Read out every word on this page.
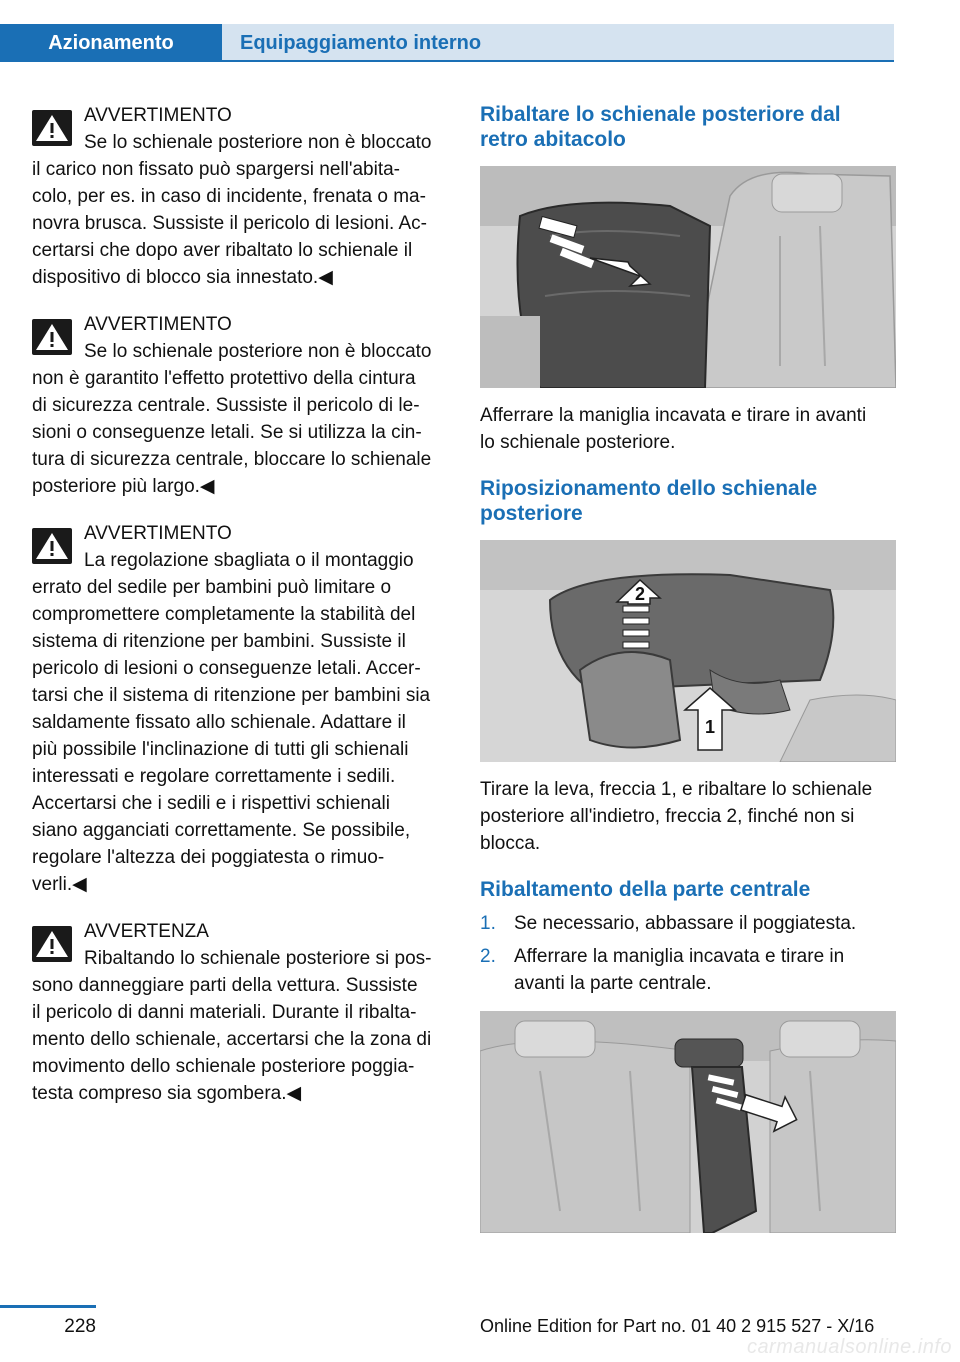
Azionamento	Equipaggiamento interno
AVVERTIMENTO

Se lo schienale posteriore non è bloccato
il carico non fissato può spargersi nell'abita‐
colo, per es. in caso di incidente, frenata o ma‐
novra brusca. Sussiste il pericolo di lesioni. Ac‐
certarsi che dopo aver ribaltato lo schienale il
dispositivo di blocco sia innestato.◀

AVVERTIMENTO

Se lo schienale posteriore non è bloccato
non è garantito l'effetto protettivo della cintura
di sicurezza centrale. Sussiste il pericolo di le‐
sioni o conseguenze letali. Se si utilizza la cin‐
tura di sicurezza centrale, bloccare lo schienale
posteriore più largo.◀

AVVERTIMENTO

La regolazione sbagliata o il montaggio
errato del sedile per bambini può limitare o
compromettere completamente la stabilità del
sistema di ritenzione per bambini. Sussiste il
pericolo di lesioni o conseguenze letali. Accer‐
tarsi che il sistema di ritenzione per bambini sia
saldamente fissato allo schienale. Adattare il
più possibile l'inclinazione di tutti gli schienali
interessati e regolare correttamente i sedili.
Accertarsi che i sedili e i rispettivi schienali
siano agganciati correttamente. Se possibile,
regolare l'altezza dei poggiatesta o rimuo‐
verli.◀

AVVERTENZA

Ribaltando lo schienale posteriore si pos‐
sono danneggiare parti della vettura. Sussiste
il pericolo di danni materiali. Durante il ribalta‐
mento dello schienale, accertarsi che la zona di
movimento dello schienale posteriore poggia‐
testa compreso sia sgombera.◀

Ribaltare lo schienale posteriore dal
retro abitacolo

Afferrare la maniglia incavata e tirare in avanti
lo schienale posteriore.

Riposizionamento dello schienale
posteriore
2
1

Tirare la leva, freccia 1, e ribaltare lo schienale
posteriore all'indietro, freccia 2, finché non si
blocca.

Ribaltamento della parte centrale
1. Se necessario, abbassare il poggiatesta.
2. Afferrare la maniglia incavata e tirare in
avanti la parte centrale.
228	Online Edition for Part no. 01 40 2 915 527 - X/16
carmanualsonline.info
